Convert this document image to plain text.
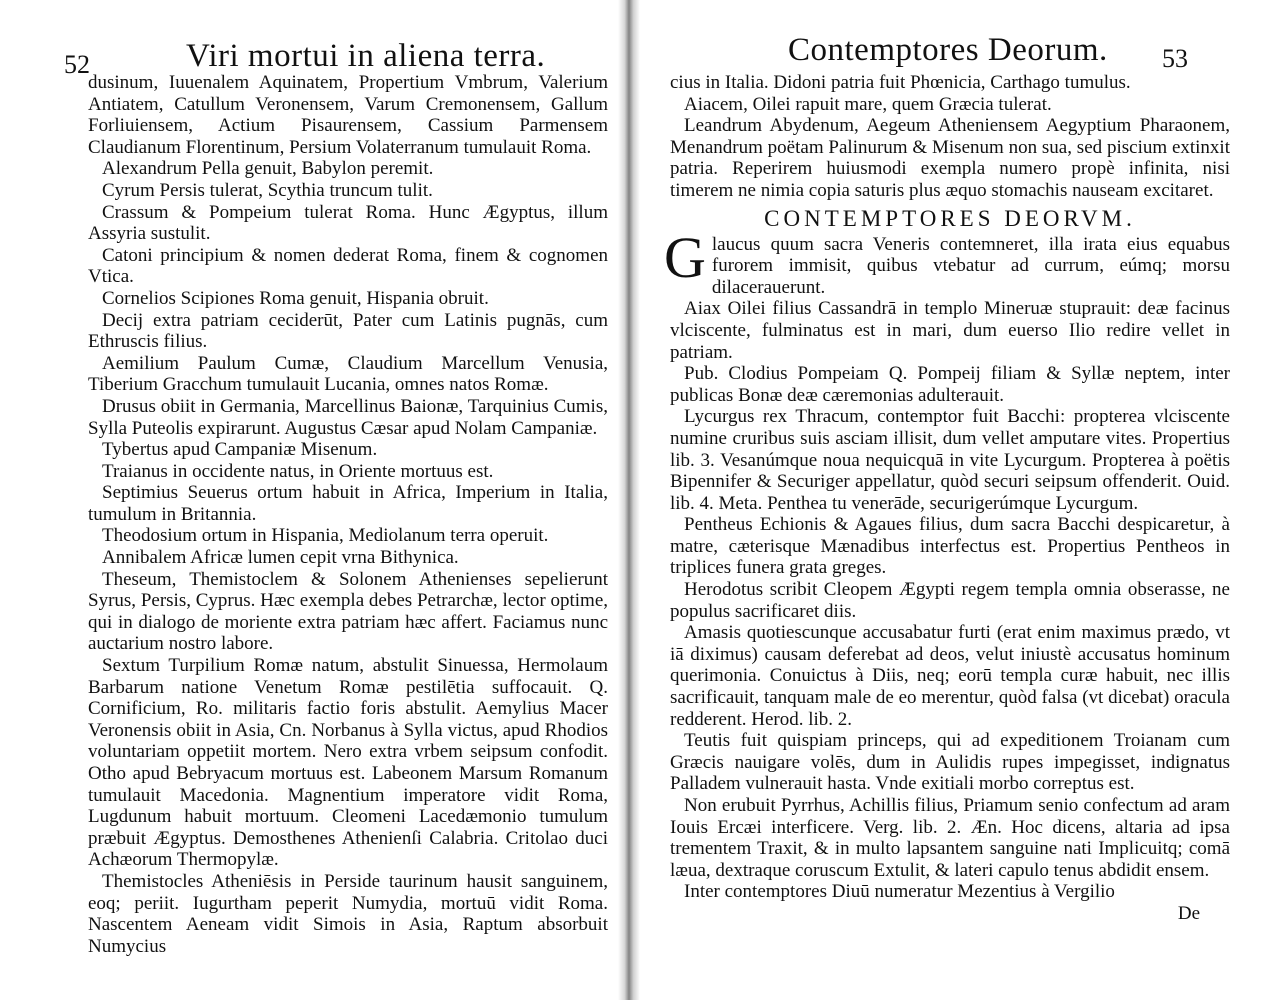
52	Viri mortui in aliena terra.

dusinum, Iuuenalem Aquinatem, Propertium Vmbrum, Valerium Antiatem, Catullum Veronensem, Varum Cremonensem, Gallum Forliuiensem, Actium Pisaurensem, Cassium Parmensem Claudianum Florentinum, Persium Volaterranum tumulauit Roma.

Alexandrum Pella genuit, Babylon peremit.

Cyrum Persis tulerat, Scythia truncum tulit.

Crassum & Pompeium tulerat Roma. Hunc Ægyptus, illum Assyria sustulit.

Catoni principium & nomen dederat Roma, finem & cognomen Vtica.

Cornelios Scipiones Roma genuit, Hispania obruit.

Decij extra patriam ceciderūt, Pater cum Latinis pugnās, cum Ethruscis filius.

Aemilium Paulum Cumæ, Claudium Marcellum Venusia, Tiberium Gracchum tumulauit Lucania, omnes natos Romæ.

Drusus obiit in Germania, Marcellinus Baionæ, Tarquinius Cumis, Sylla Puteolis expirarunt. Augustus Cæsar apud Nolam Campaniæ.

Tybertus apud Campaniæ Misenum.

Traianus in occidente natus, in Oriente mortuus est.

Septimius Seuerus ortum habuit in Africa, Imperium in Italia, tumulum in Britannia.

Theodosium ortum in Hispania, Mediolanum terra operuit.

Annibalem Africæ lumen cepit vrna Bithynica.

Theseum, Themistoclem & Solonem Athenienses sepelierunt Syrus, Persis, Cyprus. Hæc exempla debes Petrarchæ, lector optime, qui in dialogo de moriente extra patriam hæc affert. Faciamus nunc auctarium nostro labore.

Sextum Turpilium Romæ natum, abstulit Sinuessa, Hermolaum Barbarum natione Venetum Romæ pestilētia suffocauit. Q. Cornificium, Ro. militaris factio foris abstulit. Aemylius Macer Veronensis obiit in Asia, Cn. Norbanus à Sylla victus, apud Rhodios voluntariam oppetiit mortem. Nero extra vrbem seipsum confodit. Otho apud Bebryacum mortuus est. Labeonem Marsum Romanum tumulauit Macedonia. Magnentium imperatore vidit Roma, Lugdunum habuit mortuum. Cleomeni Lacedæmonio tumulum præbuit Ægyptus. Demosthenes Athenienſi Calabria. Critolao duci Achæorum Thermopylæ.

Themistocles Atheniēsis in Perside taurinum hausit sanguinem, eoq; periit. Iugurtham peperit Numydia, mortuū vidit Roma. Nascentem Aeneam vidit Simois in Asia, Raptum absorbuit Numycius

Contemptores Deorum. 53

cius in Italia. Didoni patria fuit Phœnicia, Carthago tumulus.

Aiacem, Oilei rapuit mare, quem Græcia tulerat.

Leandrum Abydenum, Aegeum Atheniensem Aegyptium Pharaonem, Menandrum poëtam Palinurum & Misenum non sua, sed piscium extinxit patria. Reperirem huiusmodi exempla numero propè infinita, nisi timerem ne nimia copia saturis plus æquo stomachis nauseam excitaret.

CONTEMPTORES DEORVM.

Glaucus quum sacra Veneris contemneret, illa irata eius equabus furorem immisit, quibus vtebatur ad currum, eúmq; morsu dilacerauerunt.

Aiax Oilei filius Cassandrā in templo Mineruæ stuprauit: deæ facinus vlciscente, fulminatus est in mari, dum euerso Ilio redire vellet in patriam.

Pub. Clodius Pompeiam Q. Pompeij filiam & Syllæ neptem, inter publicas Bonæ deæ cæremonias adulterauit.

Lycurgus rex Thracum, contemptor fuit Bacchi: propterea vlciscente numine cruribus suis asciam illisit, dum vellet amputare vites. Propertius lib. 3. Vesanúmque noua nequicquā in vite Lycurgum. Propterea à poëtis Bipennifer & Securiger appellatur, quòd securi seipsum offenderit. Ouid. lib. 4. Meta. Penthea tu venerāde, securigerúmque Lycurgum.

Pentheus Echionis & Agaues filius, dum sacra Bacchi despicaretur, à matre, cæterisque Mænadibus interfectus est. Propertius Pentheos in triplices funera grata greges.

Herodotus scribit Cleopem Ægypti regem templa omnia obserasse, ne populus sacrificaret diis.

Amasis quotiescunque accusabatur furti (erat enim maximus prædo, vt iā diximus) causam deferebat ad deos, velut iniustè accusatus hominum querimonia. Conuictus à Diis, neq; eorū templa curæ habuit, nec illis sacrificauit, tanquam male de eo merentur, quòd falsa (vt dicebat) oracula redderent. Herod. lib. 2.

Teutis fuit quispiam princeps, qui ad expeditionem Troianam cum Græcis nauigare volēs, dum in Aulidis rupes impegisset, indignatus Palladem vulnerauit hasta. Vnde exitiali morbo correptus est.

Non erubuit Pyrrhus, Achillis filius, Priamum senio confectum ad aram Iouis Ercæi interficere. Verg. lib. 2. Æn. Hoc dicens, altaria ad ipsa trementem Traxit, & in multo lapsantem sanguine nati Implicuitq; comā læua, dextraque coruscum Extulit, & lateri capulo tenus abdidit ensem.

Inter contemptores Diuū numeratur Mezentius à Vergilio

De
